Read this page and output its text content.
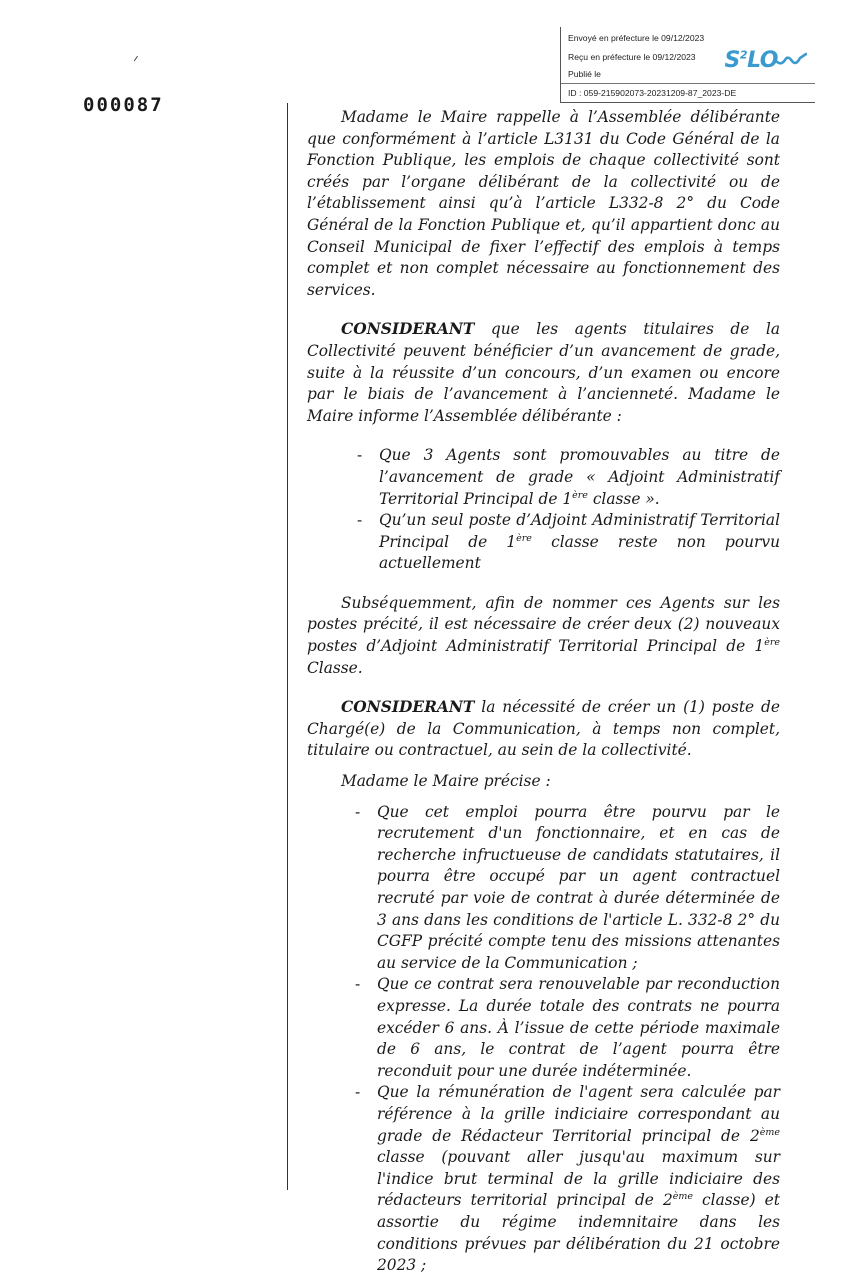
Envoyé en préfecture le 09/12/2023
Reçu en préfecture le 09/12/2023
Publié le
ID : 059-215902073-20231209-87_2023-DE
$S^2LO$
000087

Madame le Maire rappelle à l’Assemblée délibérante que conformément à l’article L3131 du Code Général de la Fonction Publique, les emplois de chaque collectivité sont créés par l’organe délibérant de la collectivité ou de l’établissement ainsi qu’à l’article L332-8 2° du Code Général de la Fonction Publique et, qu’il appartient donc au Conseil Municipal de fixer l’effectif des emplois à temps complet et non complet nécessaire au fonctionnement des services.

CONSIDERANT que les agents titulaires de la Collectivité peuvent bénéficier d’un avancement de grade, suite à la réussite d’un concours, d’un examen ou encore par le biais de l’avancement à l’ancienneté. Madame le Maire informe l’Assemblée délibérante :

- Que 3 Agents sont promouvables au titre de l’avancement de grade « Adjoint Administratif Territorial Principal de 1ère classe ».
- Qu’un seul poste d’Adjoint Administratif Territorial Principal de 1ère classe reste non pourvu actuellement

Subséquemment, afin de nommer ces Agents sur les postes précité, il est nécessaire de créer deux (2) nouveaux postes d’Adjoint Administratif Territorial Principal de 1ère Classe.

CONSIDERANT la nécessité de créer un (1) poste de Chargé(e) de la Communication, à temps non complet, titulaire ou contractuel, au sein de la collectivité.

Madame le Maire précise :

- Que cet emploi pourra être pourvu par le recrutement d'un fonctionnaire, et en cas de recherche infructueuse de candidats statutaires, il pourra être occupé par un agent contractuel recruté par voie de contrat à durée déterminée de 3 ans dans les conditions de l'article L. 332-8 2° du CGFP précité compte tenu des missions attenantes au service de la Communication ;
- Que ce contrat sera renouvelable par reconduction expresse. La durée totale des contrats ne pourra excéder 6 ans. À l’issue de cette période maximale de 6 ans, le contrat de l’agent pourra être reconduit pour une durée indéterminée.
- Que la rémunération de l'agent sera calculée par référence à la grille indiciaire correspondant au grade de Rédacteur Territorial principal de 2ème classe (pouvant aller jusqu'au maximum sur l'indice brut terminal de la grille indiciaire des rédacteurs territorial principal de 2ème classe) et assortie du régime indemnitaire dans les conditions prévues par délibération du 21 octobre 2023 ;
